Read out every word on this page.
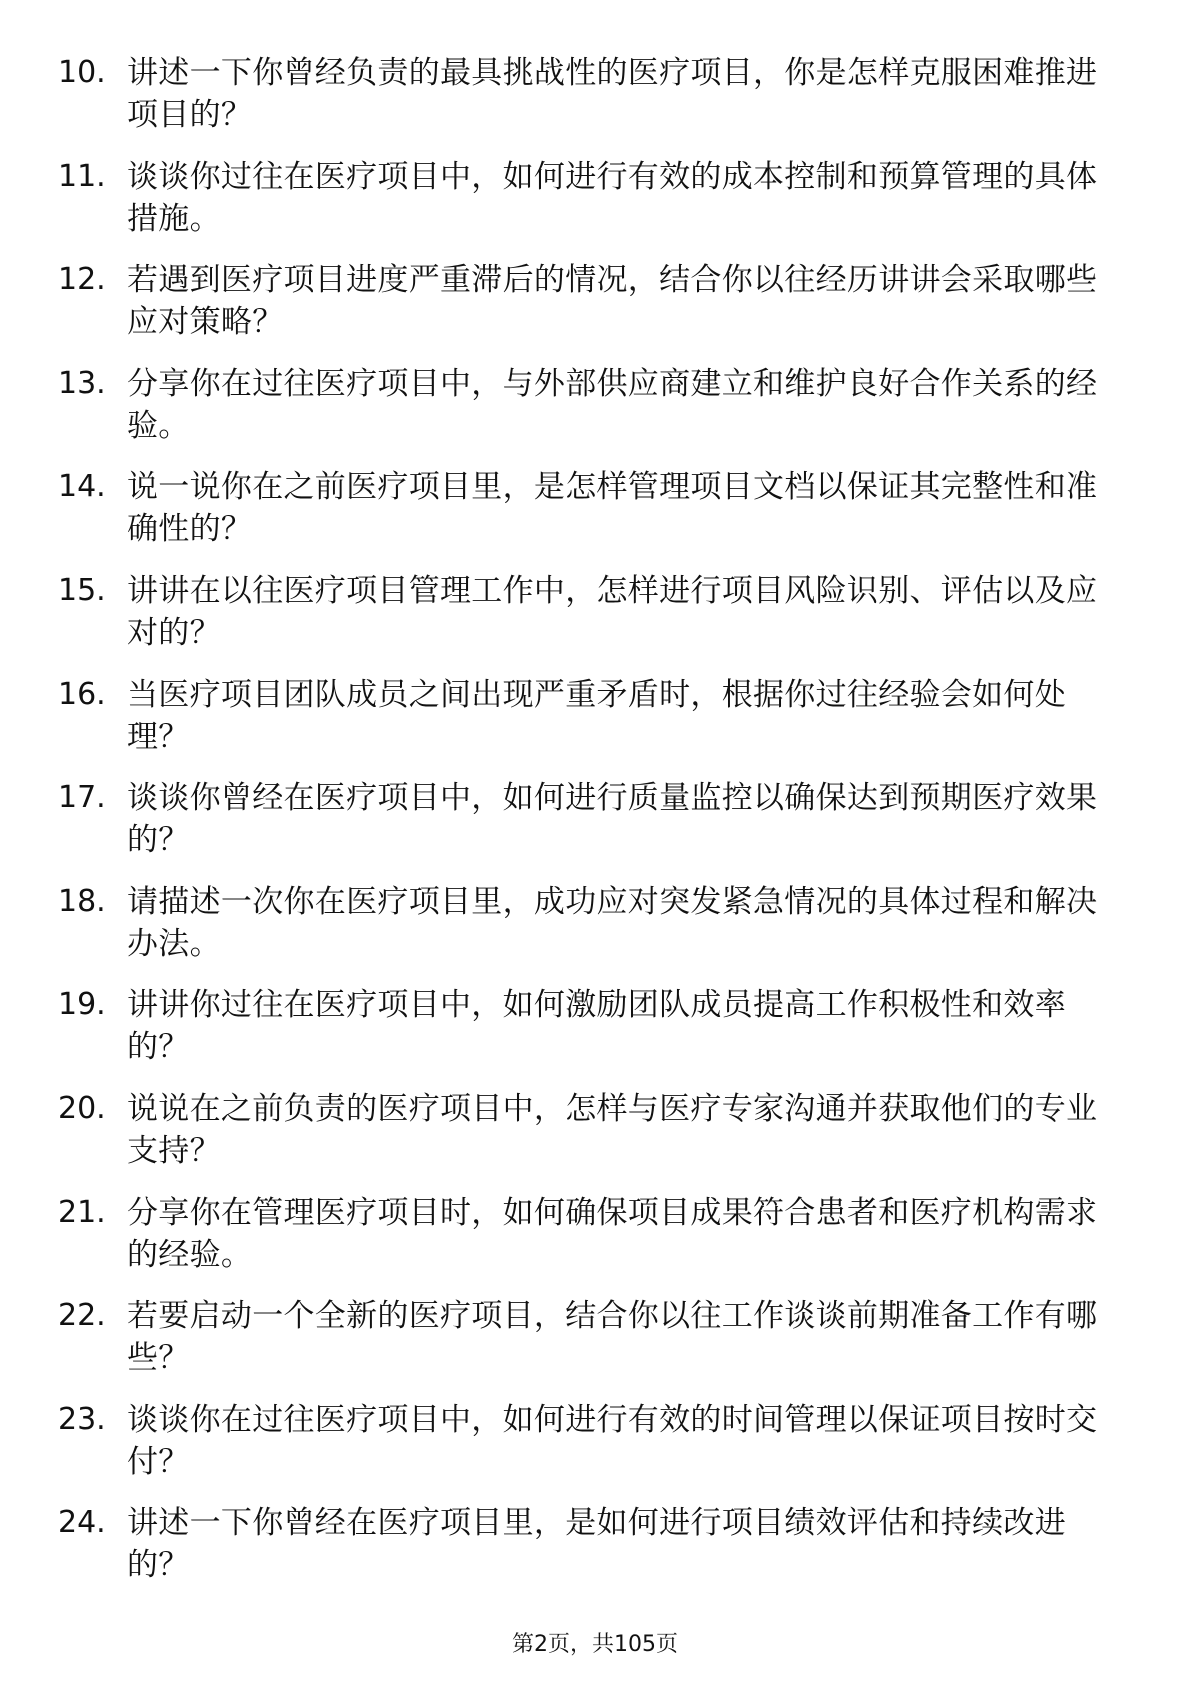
10. 讲述一下你曾经负责的最具挑战性的医疗项目，你是怎样克服困难推进项目的？
11. 谈谈你过往在医疗项目中，如何进行有效的成本控制和预算管理的具体措施。
12. 若遇到医疗项目进度严重滞后的情况，结合你以往经历讲讲会采取哪些应对策略？
13. 分享你在过往医疗项目中，与外部供应商建立和维护良好合作关系的经验。
14. 说一说你在之前医疗项目里，是怎样管理项目文档以保证其完整性和准确性的？
15. 讲讲在以往医疗项目管理工作中，怎样进行项目风险识别、评估以及应对的？
16. 当医疗项目团队成员之间出现严重矛盾时，根据你过往经验会如何处理？
17. 谈谈你曾经在医疗项目中，如何进行质量监控以确保达到预期医疗效果的？
18. 请描述一次你在医疗项目里，成功应对突发紧急情况的具体过程和解决办法。
19. 讲讲你过往在医疗项目中，如何激励团队成员提高工作积极性和效率的？
20. 说说在之前负责的医疗项目中，怎样与医疗专家沟通并获取他们的专业支持？
21. 分享你在管理医疗项目时，如何确保项目成果符合患者和医疗机构需求的经验。
22. 若要启动一个全新的医疗项目，结合你以往工作谈谈前期准备工作有哪些？
23. 谈谈你在过往医疗项目中，如何进行有效的时间管理以保证项目按时交付？
24. 讲述一下你曾经在医疗项目里，是如何进行项目绩效评估和持续改进的？
第2页，共105页
